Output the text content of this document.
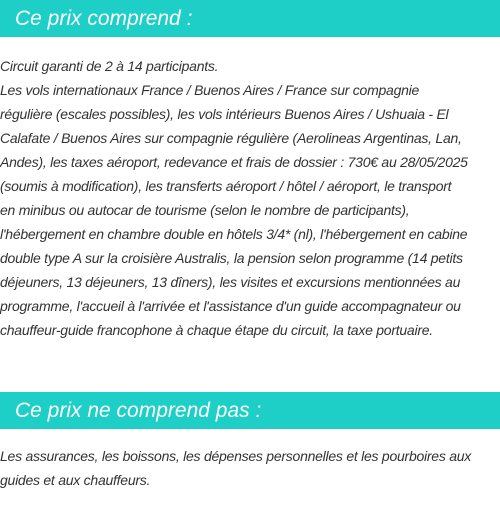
Ce prix comprend :

Circuit garanti de 2 à 14 participants.
Les vols internationaux France / Buenos Aires / France sur compagnie
régulière (escales possibles), les vols intérieurs Buenos Aires / Ushuaia - El
Calafate / Buenos Aires sur compagnie régulière (Aerolineas Argentinas, Lan,
Andes), les taxes aéroport, redevance et frais de dossier : 730€ au 28/05/2025
(soumis à modification), les transferts aéroport / hôtel / aéroport, le transport
en minibus ou autocar de tourisme (selon le nombre de participants),
l'hébergement en chambre double en hôtels 3/4* (nl), l'hébergement en cabine
double type A sur la croisière Australis, la pension selon programme (14 petits
déjeuners, 13 déjeuners, 13 dîners), les visites et excursions mentionnées au
programme, l'accueil à l'arrivée et l'assistance d'un guide accompagnateur ou
chauffeur-guide francophone à chaque étape du circuit, la taxe portuaire.

Ce prix ne comprend pas :

Les assurances, les boissons, les dépenses personnelles et les pourboires aux
guides et aux chauffeurs.
